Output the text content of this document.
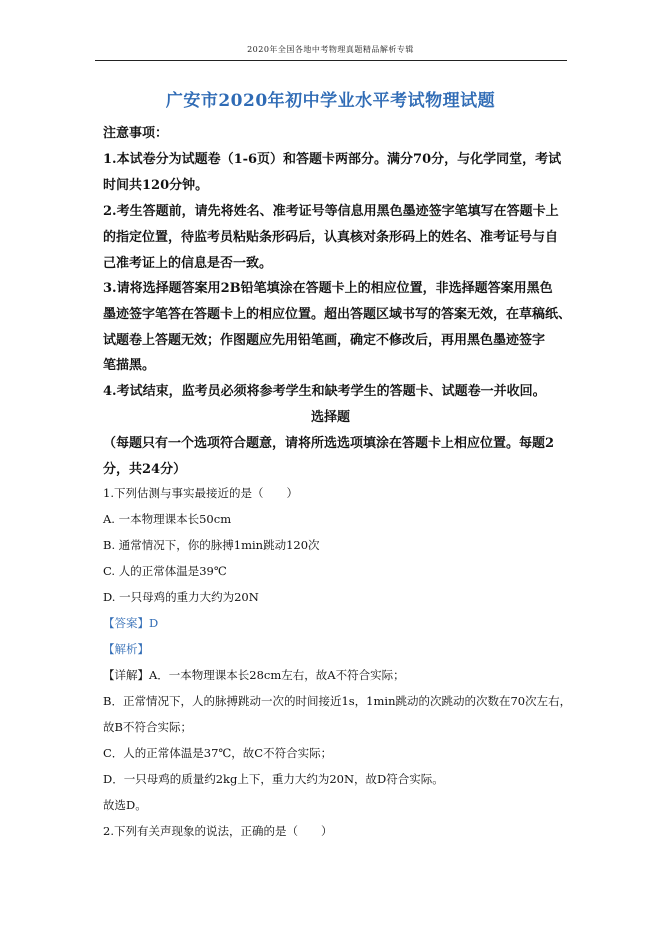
2020年全国各地中考物理真题精品解析专辑
广安市2020年初中学业水平考试物理试题
注意事项：
1.本试卷分为试题卷（1-6页）和答题卡两部分。满分70分，与化学同堂，考试
时间共120分钟。
2.考生答题前，请先将姓名、准考证号等信息用黑色墨迹签字笔填写在答题卡上
的指定位置，待监考员粘贴条形码后，认真核对条形码上的姓名、准考证号与自
己准考证上的信息是否一致。
3.请将选择题答案用2B铅笔填涂在答题卡上的相应位置，非选择题答案用黑色
墨迹签字笔答在答题卡上的相应位置。超出答题区域书写的答案无效，在草稿纸、
试题卷上答题无效；作图题应先用铅笔画，确定不修改后，再用黑色墨迹签字
笔描黑。
4.考试结束，监考员必须将参考学生和缺考学生的答题卡、试题卷一并收回。
选择题
（每题只有一个选项符合题意，请将所选选项填涂在答题卡上相应位置。每题2
分，共24分）
1.下列估测与事实最接近的是（　　）
A. 一本物理课本长50cm
B. 通常情况下，你的脉搏1min跳动120次
C. 人的正常体温是39℃
D. 一只母鸡的重力大约为20N
【答案】D
【解析】
【详解】A．一本物理课本长28cm左右，故A不符合实际；
B．正常情况下，人的脉搏跳动一次的时间接近1s，1min跳动的次跳动的次数在70次左右，
故B不符合实际；
C．人的正常体温是37℃，故C不符合实际；
D．一只母鸡的质量约2kg上下，重力大约为20N，故D符合实际。
故选D。
2.下列有关声现象的说法，正确的是（　　）
